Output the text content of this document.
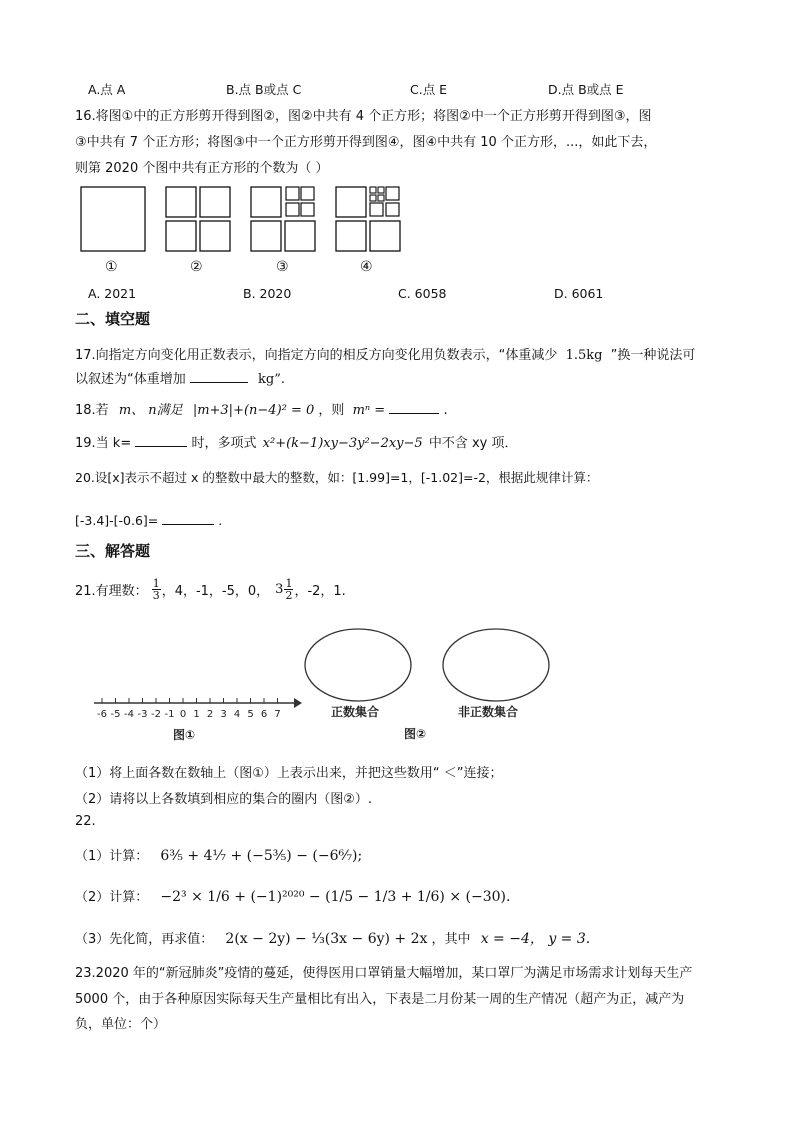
A.点 A	B.点 B或点 C	C.点 E	D.点 B或点 E
16.将图①中的正方形剪开得到图②，图②中共有 4 个正方形；将图②中一个正方形剪开得到图③，图
③中共有 7 个正方形；将图③中一个正方形剪开得到图④，图④中共有 10 个正方形，...，如此下去，
则第 2020 个图中共有正方形的个数为（ ）
①	②	③	④
A. 2021	B. 2020	C. 6058	D. 6061
二、填空题
17.向指定方向变化用正数表示，向指定方向的相反方向变化用负数表示，“体重减少 1.5kg ”换一种说法可
以叙述为“体重增加	kg”.
18.若 m、 n满足 |m+3|+(n−4)² = 0 ，则 mⁿ =	.
19.当 k=	时，多项式 x²+(k−1)xy−3y²−2xy−5 中不含 xy 项．
20.设[x]表示不超过 x 的整数中最大的整数，如：[1.99]=1，[-1.02]=-2，根据此规律计算：
[-3.4]-[-0.6]=	.
三、解答题
21.有理数： $\frac{1}{3}$ ，4，-1，-5，0， $3 \frac{1}{2}$ ，-2，1.
-6 -5 -4 -3 -2 -1 0 1 2 3 4 5 6 7
图①
正数集合	非正数集合
图②
（1）将上面各数在数轴上（图①）上表示出来，并把这些数用“ ＜”连接；
（2）请将以上各数填到相应的集合的圈内（图②）.
22.
（1）计算： 6⅗ + 4⅐ + (−5⅗) − (−6⁶⁄₇);
（2）计算： −2³ × 1/6 + (−1)²⁰²⁰ − (1/5 − 1/3 + 1/6) × (−30).
（3）先化简，再求值： 2(x − 2y) − ⅓(3x − 6y) + 2x ，其中 x = −4， y = 3.
23.2020 年的“新冠肺炎”疫情的蔓延，使得医用口罩销量大幅增加，某口罩厂为满足市场需求计划每天生产
5000 个，由于各种原因实际每天生产量相比有出入，下表是二月份某一周的生产情况（超产为正，减产为
负，单位：个）
